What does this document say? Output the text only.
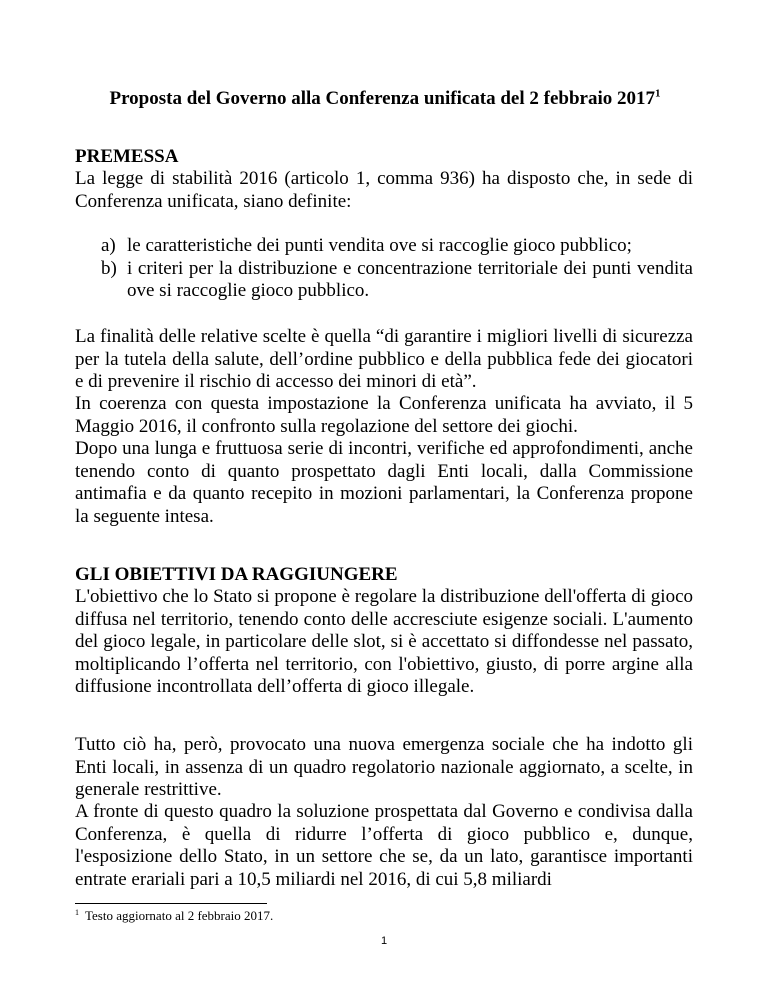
Proposta del Governo alla Conferenza unificata del 2 febbraio 2017$^1$
PREMESSA
La legge di stabilità 2016 (articolo 1, comma 936) ha disposto che, in sede di Conferenza unificata, siano definite:
a) le caratteristiche dei punti vendita ove si raccoglie gioco pubblico;
b) i criteri per la distribuzione e concentrazione territoriale dei punti vendita ove si raccoglie gioco pubblico.
La finalità delle relative scelte è quella “di garantire i migliori livelli di sicurezza per la tutela della salute, dell’ordine pubblico e della pubblica fede dei giocatori e di prevenire il rischio di accesso dei minori di età”.
In coerenza con questa impostazione la Conferenza unificata ha avviato, il 5 Maggio 2016, il confronto sulla regolazione del settore dei giochi.
Dopo una lunga e fruttuosa serie di incontri, verifiche ed approfondimenti, anche tenendo conto di quanto prospettato dagli Enti locali, dalla Commissione antimafia e da quanto recepito in mozioni parlamentari, la Conferenza propone la seguente intesa.
GLI OBIETTIVI DA RAGGIUNGERE
L'obiettivo che lo Stato si propone è regolare la distribuzione dell'offerta di gioco diffusa nel territorio, tenendo conto delle accresciute esigenze sociali. L'aumento del gioco legale, in particolare delle slot, si è accettato si diffondesse nel passato, moltiplicando l’offerta nel territorio, con l'obiettivo, giusto, di porre argine alla diffusione incontrollata dell’offerta di gioco illegale.
Tutto ciò ha, però, provocato una nuova emergenza sociale che ha indotto gli Enti locali, in assenza di un quadro regolatorio nazionale aggiornato, a scelte, in generale restrittive.
A fronte di questo quadro la soluzione prospettata dal Governo e condivisa dalla Conferenza, è quella di ridurre l’offerta di gioco pubblico e, dunque, l'esposizione dello Stato, in un settore che se, da un lato, garantisce importanti entrate erariali pari a 10,5 miliardi nel 2016, di cui 5,8 miliardi
$^1$ Testo aggiornato al 2 febbraio 2017.
1
